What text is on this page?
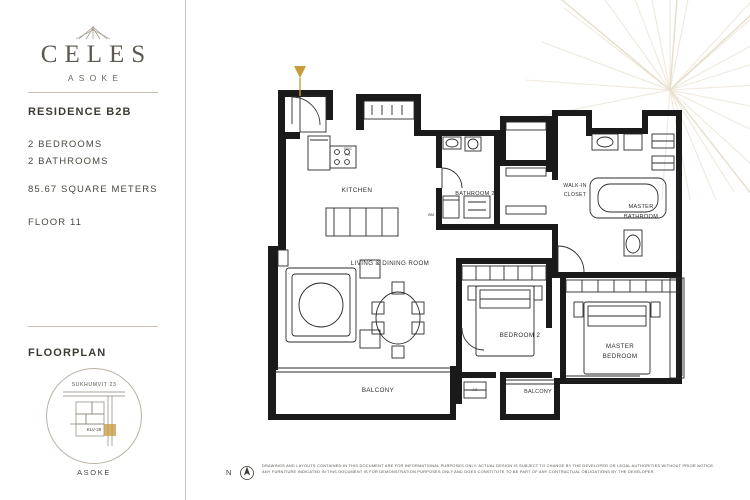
CELES
ASOKE
RESIDENCE B2B
2 BEDROOMS
2 BATHROOMS
85.67 SQUARE METERS
FLOOR 11
FLOORPLAN
SUKHUMVIT 23
KLV-29
ASOKE	N
DRAWINGS AND LAYOUTS CONTAINED IN THIS DOCUMENT ARE FOR INFORMATIONAL PURPOSES ONLY. ACTUAL DESIGN IS SUBJECT TO CHANGE BY THE DEVELOPER OR LEGAL AUTHORITIES WITHOUT PRIOR NOTICE.
ANY FURNITURE INDICATED IN THIS DOCUMENT IS FOR DEMONSTRATION PURPOSES ONLY AND DOES CONSTITUTE TO BE PART OF ANY CONTRACTUAL OBLIGATIONS BY THE DEVELOPER.
KITCHEN	BATHROOM 2
WALK-IN
CLOSET
MASTER
BATHROOM
LIVING & DINING ROOM
BEDROOM 2
MASTER
BEDROOM
BALCONY	BALCONY
RDG
F.R.
WM
AC
